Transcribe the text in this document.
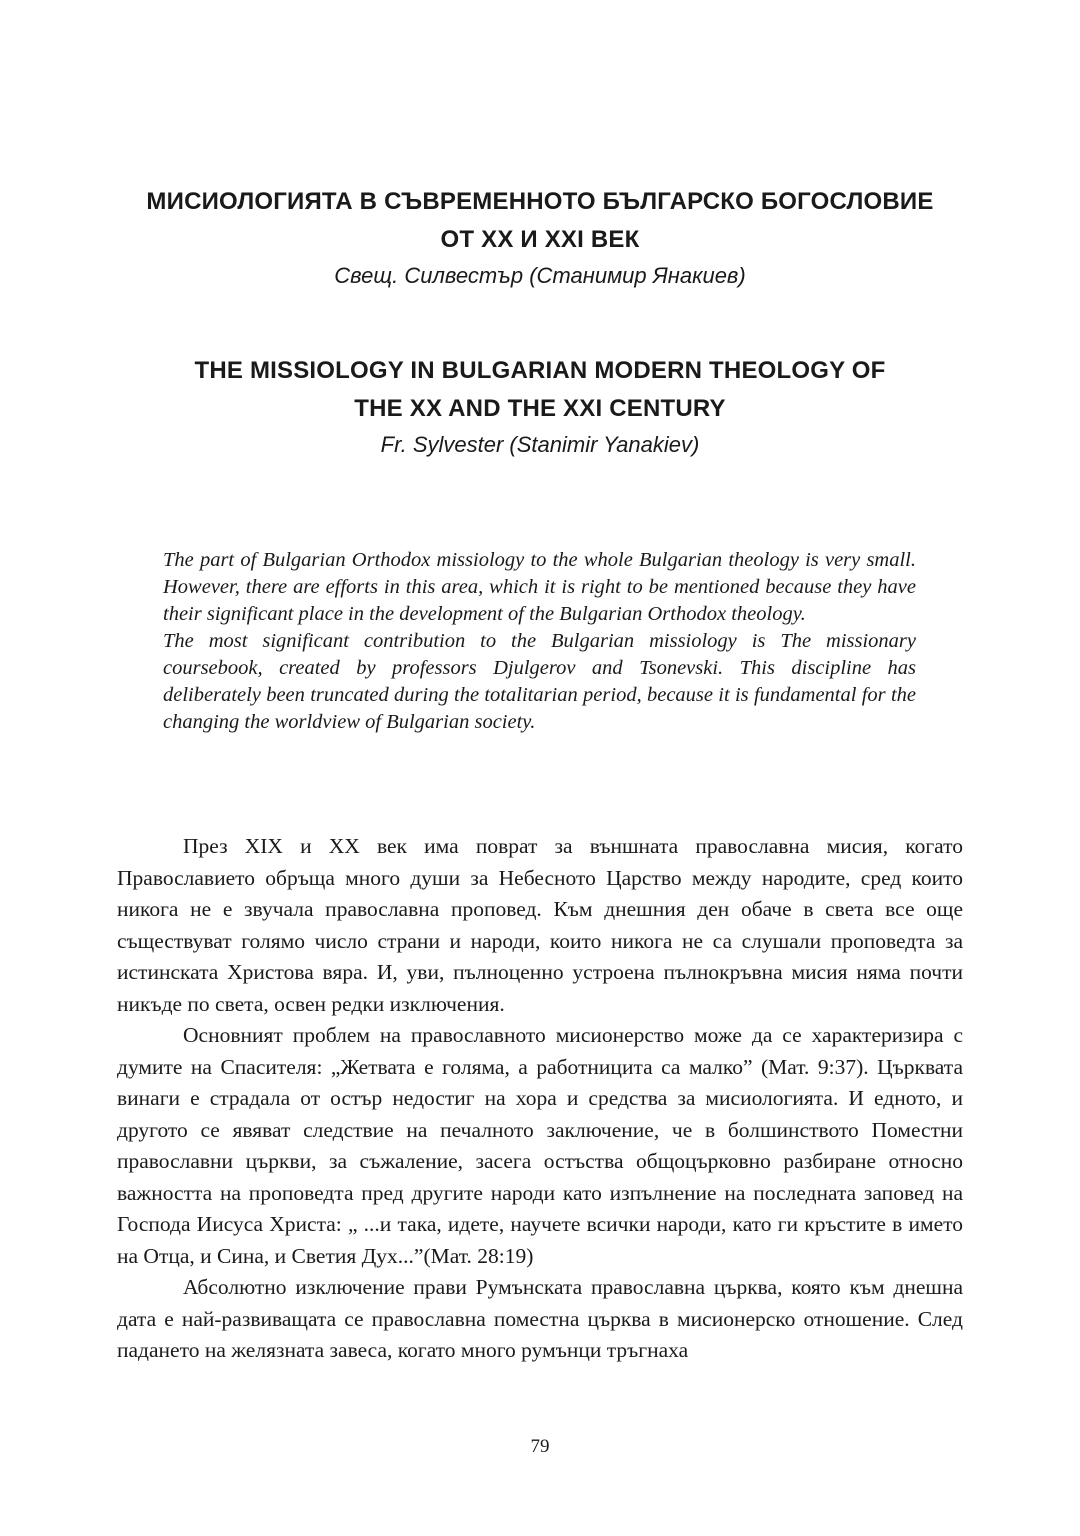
МИСИОЛОГИЯТА В СЪВРЕМЕННОТО БЪЛГАРСКО БОГОСЛОВИЕ

ОТ XX И XXI ВЕК

Свещ. Силвестър (Станимир Янакиев)

THE MISSIOLOGY IN BULGARIAN MODERN THEOLOGY OF

THE XX AND THE XXI CENTURY

Fr. Sylvester (Stanimir Yanakiev)

The part of Bulgarian Orthodox missiology to the whole Bulgarian theology is very small. However, there are efforts in this area, which it is right to be mentioned because they have their significant place in the development of the Bulgarian Orthodox theology.

The most significant contribution to the Bulgarian missiology is The missionary coursebook, created by professors Djulgerov and Tsonevski. This discipline has deliberately been truncated during the totalitarian period, because it is fundamental for the changing the worldview of Bulgarian society.

През XIX и XX век има поврат за външната православна мисия, когато Православието обръща много души за Небесното Царство между народите, сред които никога не е звучала православна проповед. Към днешния ден обаче в света все още съществуват голямо число страни и народи, които никога не са слушали проповедта за истинската Христова вяра. И, уви, пълноценно устроена пълнокръвна мисия няма почти никъде по света, освен редки изключения.

Основният проблем на православното мисионерство може да се характеризира с думите на Спасителя: „Жетвата е голяма, а работницита са малко” (Мат. 9:37). Църквата винаги е страдала от остър недостиг на хора и средства за мисиологията. И едното, и другото се явяват следствие на печалното заключение, че в болшинството Поместни православни църкви, за съжаление, засега остъства общоцърковно разбиране относно важността на проповедта пред другите народи като изпълнение на последната заповед на Господа Иисуса Христа: „ ...и така, идете, научете всички народи, като ги кръстите в името на Отца, и Сина, и Светия Дух...”(Мат. 28:19)

Абсолютно изключение прави Румънската православна църква, която към днешна дата е най-развиващата се православна поместна църква в мисионерско отношение. След падането на желязната завеса, когато много румънци тръгнаха

79
